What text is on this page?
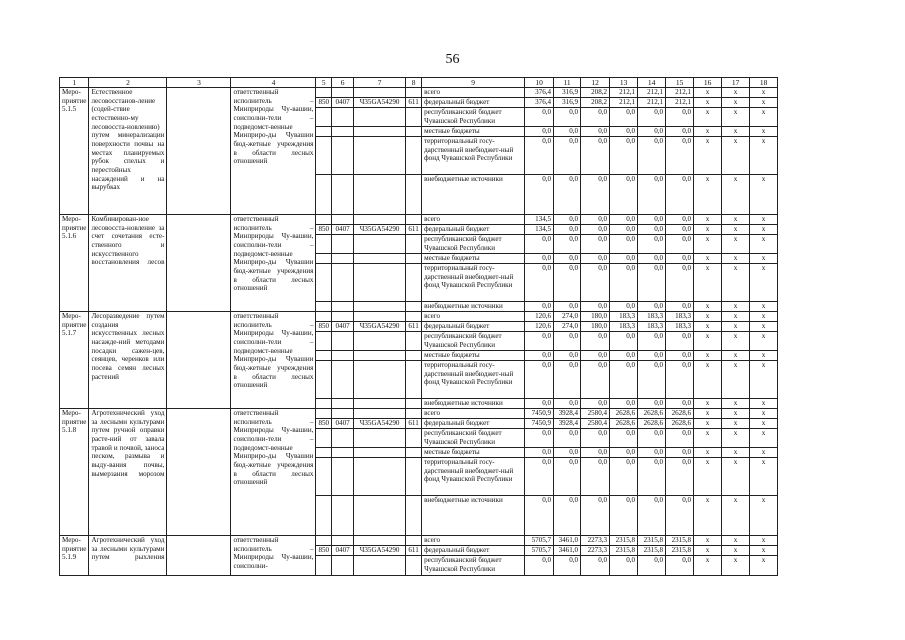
56
1	2	3	4	5	6	7	8	9	10	11	12	13	14	15	16	17	18
Меро-приятие 5.1.5	Естественное лесовосстанов-ление (содей-ствие естественно-му лесовосста-новлению) путем минерализации поверхности почвы на местах планируемых рубок спелых и перестойных насаждений и на вырубках		ответственный исполнитель – Минприроды Чу-вашии, соисполни-тели – подведомст-венные Минприро-ды Чувашии бюд-жетные учреждения в области лесных отношений					всего	376,4	316,9	208,2	212,1	212,1	212,1	x	x	x
				850	0407	Ч35GА54290	611	федеральный бюджет	376,4	316,9	208,2	212,1	212,1	212,1	x	x	x
								республиканский бюджет Чувашской Республики	0,0	0,0	0,0	0,0	0,0	0,0	x	x	x
								местные бюджеты	0,0	0,0	0,0	0,0	0,0	0,0	x	x	x
								территориальный госу-дарственный внебюджет-ный фонд Чувашской Республики	0,0	0,0	0,0	0,0	0,0	0,0	x	x	x
								внебюджетные источники	0,0	0,0	0,0	0,0	0,0	0,0	x	x	x
Меро-приятие 5.1.6	Комбинирован-ное лесовосста-новление за счет сочетания есте-ственного и искусственного восстановления лесов		ответственный исполнитель – Минприроды Чу-вашии, соисполни-тели – подведомст-венные Минприро-ды Чувашии бюд-жетные учреждения в области лесных отношений					всего	134,5	0,0	0,0	0,0	0,0	0,0	x	x	x
				850	0407	Ч35GА54290	611	федеральный бюджет	134,5	0,0	0,0	0,0	0,0	0,0	x	x	x
								республиканский бюджет Чувашской Республики	0,0	0,0	0,0	0,0	0,0	0,0	x	x	x
								местные бюджеты	0,0	0,0	0,0	0,0	0,0	0,0	x	x	x
								территориальный госу-дарственный внебюджет-ный фонд Чувашской Республики	0,0	0,0	0,0	0,0	0,0	0,0	x	x	x
								внебюджетные источники	0,0	0,0	0,0	0,0	0,0	0,0	x	x	x
Меро-приятие 5.1.7	Лесоразведение путем создания искусственных лесных насажде-ний методами посадки сажен-цев, сеянцев, черенков или посева семян лесных растений		ответственный исполнитель – Минприроды Чу-вашии, соисполни-тели – подведомст-венные Минприро-ды Чувашии бюд-жетные учреждения в области лесных отношений					всего	120,6	274,0	180,0	183,3	183,3	183,3	x	x	x
				850	0407	Ч35GА54290	611	федеральный бюджет	120,6	274,0	180,0	183,3	183,3	183,3	x	x	x
								республиканский бюджет Чувашской Республики	0,0	0,0	0,0	0,0	0,0	0,0	x	x	x
								местные бюджеты	0,0	0,0	0,0	0,0	0,0	0,0	x	x	x
								территориальный госу-дарственный внебюджет-ный фонд Чувашской Республики	0,0	0,0	0,0	0,0	0,0	0,0	x	x	x
								внебюджетные источники	0,0	0,0	0,0	0,0	0,0	0,0	x	x	x
Меро-приятие 5.1.8	Агротехнический уход за лесными культурами путем ручной оправки расте-ний от завала травой и почвой, заноса песком, размыва и выду-вания почвы, вымерзания морозом		ответственный исполнитель – Минприроды Чу-вашии, соисполни-тели – подведомст-венные Минприро-ды Чувашии бюд-жетные учреждения в области лесных отношений					всего	7450,9	3928,4	2580,4	2628,6	2628,6	2628,6	x	x	x
				850	0407	Ч35GА54290	611	федеральный бюджет	7450,9	3928,4	2580,4	2628,6	2628,6	2628,6	x	x	x
								республиканский бюджет Чувашской Республики	0,0	0,0	0,0	0,0	0,0	0,0	x	x	x
								местные бюджеты	0,0	0,0	0,0	0,0	0,0	0,0	x	x	x
								территориальный госу-дарственный внебюджет-ный фонд Чувашской Республики	0,0	0,0	0,0	0,0	0,0	0,0	x	x	x
								внебюджетные источники	0,0	0,0	0,0	0,0	0,0	0,0	x	x	x
Меро-приятие 5.1.9	Агротехнический уход за лесными культурами путем рыхления		ответственный исполнитель – Минприроды Чу-вашии, соисполни-					всего	5705,7	3461,0	2273,3	2315,8	2315,8	2315,8	x	x	x
				850	0407	Ч35GА54290	611	федеральный бюджет	5705,7	3461,0	2273,3	2315,8	2315,8	2315,8	x	x	x
								республиканский бюджет Чувашской Республики	0,0	0,0	0,0	0,0	0,0	0,0	x	x	x
